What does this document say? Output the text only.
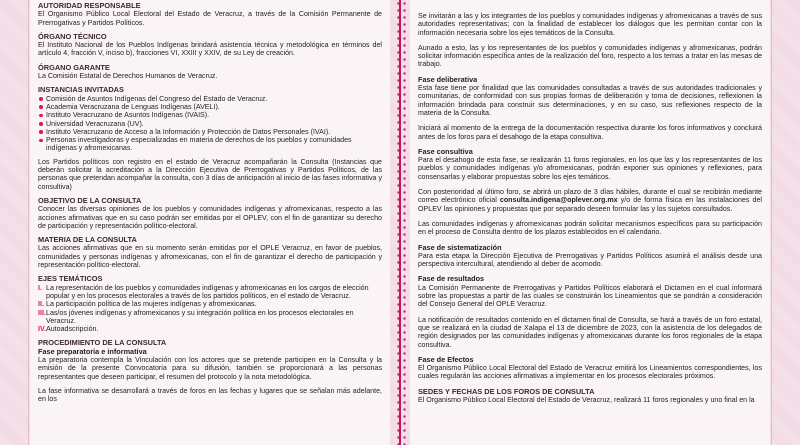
AUTORIDAD RESPONSABLE

El Organismo Público Local Electoral del Estado de Veracruz, a través de la Comisión Permanente de Prerrogativas y Partidos Políticos.

ÓRGANO TÉCNICO

El Instituto Nacional de los Pueblos Indígenas brindará asistencia técnica y metodológica en términos del artículo 4, fracción V, inciso b), fracciones VI, XXIII y XXIV, de su Ley de creación.

ÓRGANO GARANTE

La Comisión Estatal de Derechos Humanos de Veracruz.

INSTANCIAS INVITADAS
Comisión de Asuntos Indígenas del Congreso del Estado de Veracruz.
Academia Veracruzana de Lenguas Indígenas (AVELI).
Instituto Veracruzano de Asuntos Indígenas (IVAIS).
Universidad Veracruzana (UV).
Instituto Veracruzano de Acceso a la Información y Protección de Datos Personales (IVAI).
Personas investigadoras y especializadas en materia de derechos de los pueblos y comunidades indígenas y afromexicanas.

Los Partidos políticos con registro en el estado de Veracruz acompañarán la Consulta (Instancias que deberán solicitar la acreditación a la Dirección Ejecutiva de Prerrogativas y Partidos Políticos, de las personas que pretendan acompañar la consulta, con 3 días de anticipación al inicio de las fases informativa y consultiva)

OBJETIVO DE LA CONSULTA

Conocer las diversas opiniones de los pueblos y comunidades indígenas y afromexicanas, respecto a las acciones afirmativas que en su caso podrán ser emitidas por el OPLEV, con el fin de garantizar su derecho de participación y representación político-electoral.

MATERIA DE LA CONSULTA

Las acciones afirmativas que en su momento serán emitidas por el OPLE Veracruz, en favor de pueblos, comunidades y personas indígenas y afromexicanas, con el fin de garantizar el derecho de participación y representación político-electoral.

EJES TEMÁTICOS
I. La representación de los pueblos y comunidades indígenas y afromexicanas en los cargos de elección popular y en los procesos electorales a través de los partidos políticos, en el estado de Veracruz.
II. La participación política de las mujeres indígenas y afromexicanas.
III. Las/os jóvenes indígenas y afromexicanos y su integración política en los procesos electorales en Veracruz.
IV. Autoadscripción.
PROCEDIMIENTO DE LA CONSULTA
Fase preparatoria e informativa

La preparatoria contempla la Vinculación con los actores que se pretende participen en la Consulta y la emisión de la presente Convocatoria para su difusión, también se proporcionará a las personas representantes que deseen participar, el resumen del protocolo y la nota metodológica.

La fase informativa se desarrollará a través de foros en las fechas y lugares que se señalan más adelante, en los

Se invitarán a las y los integrantes de los pueblos y comunidades indígenas y afromexicanas a través de sus autoridades representativas; con la finalidad de establecer los diálogos que les permitan contar con la información necesaria sobre los ejes temáticos de la Consulta.

Aunado a esto, las y los representantes de los pueblos y comunidades indígenas y afromexicanas, podrán solicitar información específica antes de la realización del foro, respecto a los temas a tratar en las mesas de trabajo.

Fase deliberativa

Esta fase tiene por finalidad que las comunidades consultadas a través de sus autoridades tradicionales y comunitarias, de conformidad con sus propias formas de deliberación y toma de decisiones, reflexionen la información brindada para construir sus determinaciones, y en su caso, sus reflexiones respecto de la materia de la Consulta.

Iniciará al momento de la entrega de la documentación respectiva durante los foros informativos y concluirá antes de los foros para el desahogo de la etapa consultiva.

Fase consultiva

Para el desahogo de esta fase, se realizarán 11 foros regionales, en los que las y los representantes de los pueblos y comunidades indígenas y/o afromexicanas, podrán exponer sus opiniones y reflexiones, para consensarlas y elaborar propuestas sobre los ejes temáticos.

Con posterioridad al último foro, se abrirá un plazo de 3 días hábiles, durante el cual se recibirán mediante correo electrónico oficial consulta.indigena@oplever.org.mx y/o de forma física en las instalaciones del OPLEV las opiniones y propuestas que por separado deseen formular las y los sujetos consultados.

Las comunidades indígenas y afromexicanas podrán solicitar mecanismos específicos para su participación en el proceso de Consulta dentro de los plazos establecidos en el calendario.

Fase de sistematización

Para esta etapa la Dirección Ejecutiva de Prerrogativas y Partidos Políticos asumirá el análisis desde una perspectiva intercultural, atendiendo al deber de acomodo.

Fase de resultados

La Comisión Permanente de Prerrogativas y Partidos Políticos elaborará el Dictamen en el cual informará sobre las propuestas a partir de las cuales se construirán los Lineamientos que se pondrán a consideración del Consejo General del OPLE Veracruz.

La notificación de resultados contenido en el dictamen final de Consulta, se hará a través de un foro estatal, que se realizará en la ciudad de Xalapa el 13 de diciembre de 2023, con la asistencia de los delegados de región designados por las comunidades indígenas y afromexicanas durante los foros regionales de la etapa consultiva.

Fase de Efectos

El Organismo Público Local Electoral del Estado de Veracruz emitirá los Lineamientos correspondientes, los cuales regularán las acciones afirmativas a implementar en los procesos electorales próximos.

SEDES Y FECHAS DE LOS FOROS DE CONSULTA

El Organismo Público Local Electoral del Estado de Veracruz, realizará 11 foros regionales y uno final en la
